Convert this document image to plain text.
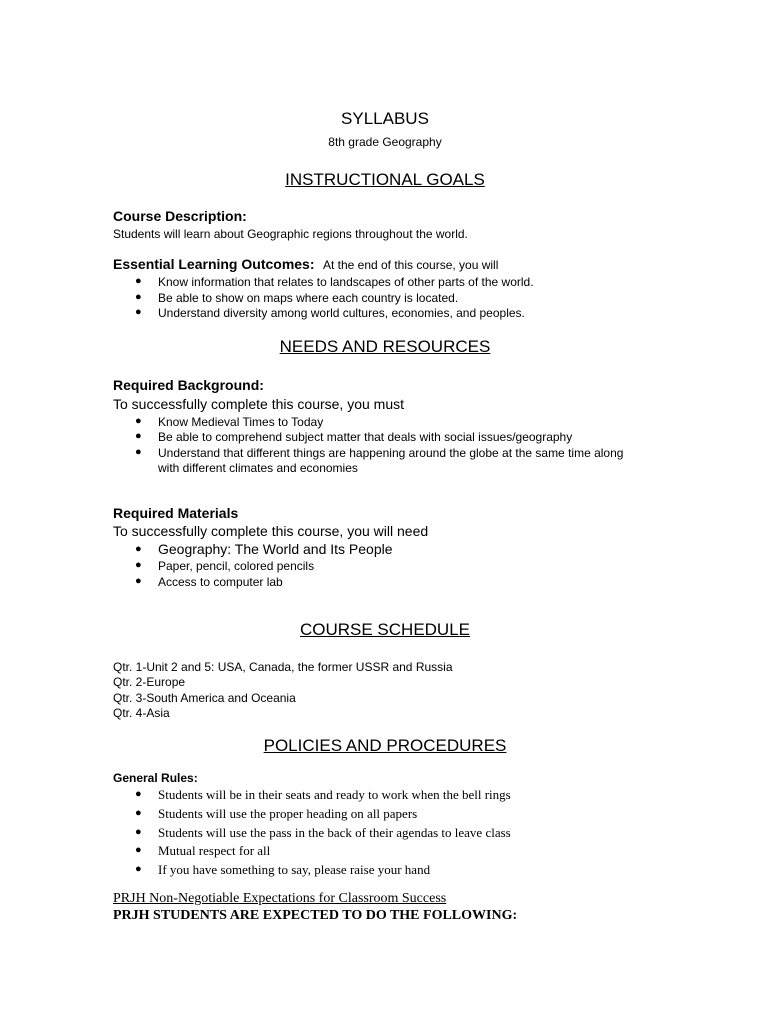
SYLLABUS
8th grade Geography
INSTRUCTIONAL GOALS
Course Description:
Students will learn about Geographic regions throughout the world.
Essential Learning Outcomes: At the end of this course, you will
● Know information that relates to landscapes of other parts of the world.
● Be able to show on maps where each country is located.
● Understand diversity among world cultures, economies, and peoples.
NEEDS AND RESOURCES
Required Background:
To successfully complete this course, you must
● Know Medieval Times to Today
● Be able to comprehend subject matter that deals with social issues/geography
● Understand that different things are happening around the globe at the same time along
with different climates and economies
Required Materials
To successfully complete this course, you will need
● Geography: The World and Its People
● Paper, pencil, colored pencils
● Access to computer lab
COURSE SCHEDULE
Qtr. 1-Unit 2 and 5: USA, Canada, the former USSR and Russia
Qtr. 2-Europe
Qtr. 3-South America and Oceania
Qtr. 4-Asia
POLICIES AND PROCEDURES
General Rules:
● Students will be in their seats and ready to work when the bell rings
● Students will use the proper heading on all papers
● Students will use the pass in the back of their agendas to leave class
● Mutual respect for all
● If you have something to say, please raise your hand
PRJH Non-Negotiable Expectations for Classroom Success
PRJH STUDENTS ARE EXPECTED TO DO THE FOLLOWING:
